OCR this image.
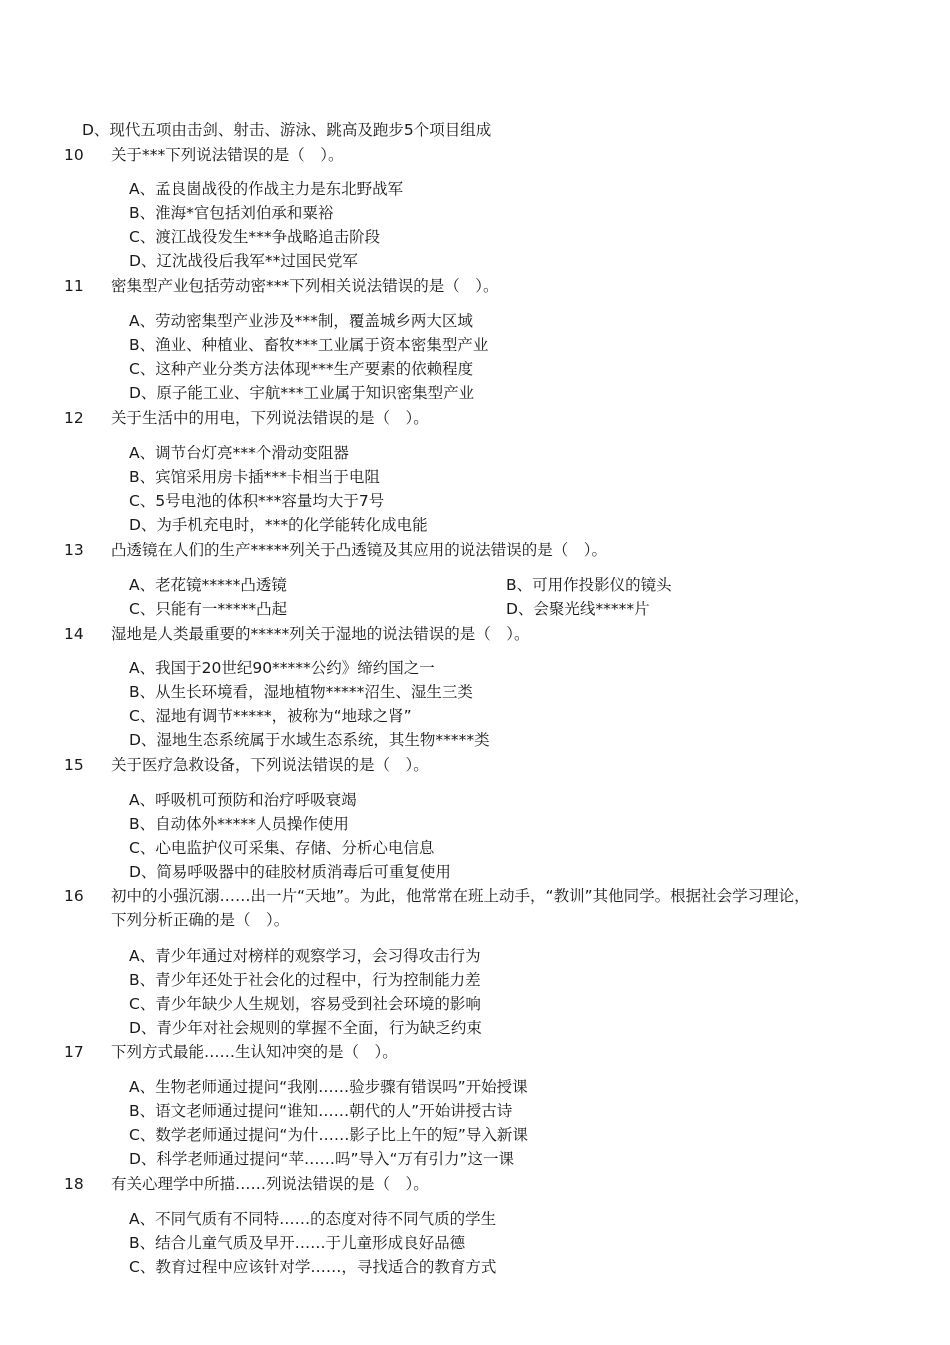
D、现代五项由击剑、射击、游泳、跳高及跑步5个项目组成
10 关于***下列说法错误的是（　）。
A、孟良崮战役的作战主力是东北野战军
B、淮海*官包括刘伯承和粟裕
C、渡江战役发生***争战略追击阶段
D、辽沈战役后我军**过国民党军
11 密集型产业包括劳动密***下列相关说法错误的是（　）。
A、劳动密集型产业涉及***制，覆盖城乡两大区域
B、渔业、种植业、畜牧***工业属于资本密集型产业
C、这种产业分类方法体现***生产要素的依赖程度
D、原子能工业、宇航***工业属于知识密集型产业
12 关于生活中的用电，下列说法错误的是（　）。
A、调节台灯亮***个滑动变阻器
B、宾馆采用房卡插***卡相当于电阻
C、5号电池的体积***容量均大于7号
D、为手机充电时，***的化学能转化成电能
13 凸透镜在人们的生产*****列关于凸透镜及其应用的说法错误的是（　）。
A、老花镜*****凸透镜	B、可用作投影仪的镜头
C、只能有一*****凸起	D、会聚光线*****片
14 湿地是人类最重要的*****列关于湿地的说法错误的是（　）。
A、我国于20世纪90*****公约》缔约国之一
B、从生长环境看，湿地植物*****沼生、湿生三类
C、湿地有调节*****，被称为“地球之肾”
D、湿地生态系统属于水域生态系统，其生物*****类
15 关于医疗急救设备，下列说法错误的是（　）。
A、呼吸机可预防和治疗呼吸衰竭
B、自动体外*****人员操作使用
C、心电监护仪可采集、存储、分析心电信息
D、简易呼吸器中的硅胶材质消毒后可重复使用
16 初中的小强沉溺……出一片“天地”。为此，他常常在班上动手，“教训”其他同学。根据社会学习理论，
下列分析正确的是（　）。
A、青少年通过对榜样的观察学习，会习得攻击行为
B、青少年还处于社会化的过程中，行为控制能力差
C、青少年缺少人生规划，容易受到社会环境的影响
D、青少年对社会规则的掌握不全面，行为缺乏约束
17 下列方式最能……生认知冲突的是（　）。
A、生物老师通过提问“我刚……验步骤有错误吗”开始授课
B、语文老师通过提问“谁知……朝代的人”开始讲授古诗
C、数学老师通过提问“为什……影子比上午的短”导入新课
D、科学老师通过提问“苹……吗”导入“万有引力”这一课
18 有关心理学中所描……列说法错误的是（　）。
A、不同气质有不同特……的态度对待不同气质的学生
B、结合儿童气质及早开……于儿童形成良好品德
C、教育过程中应该针对学……，寻找适合的教育方式
